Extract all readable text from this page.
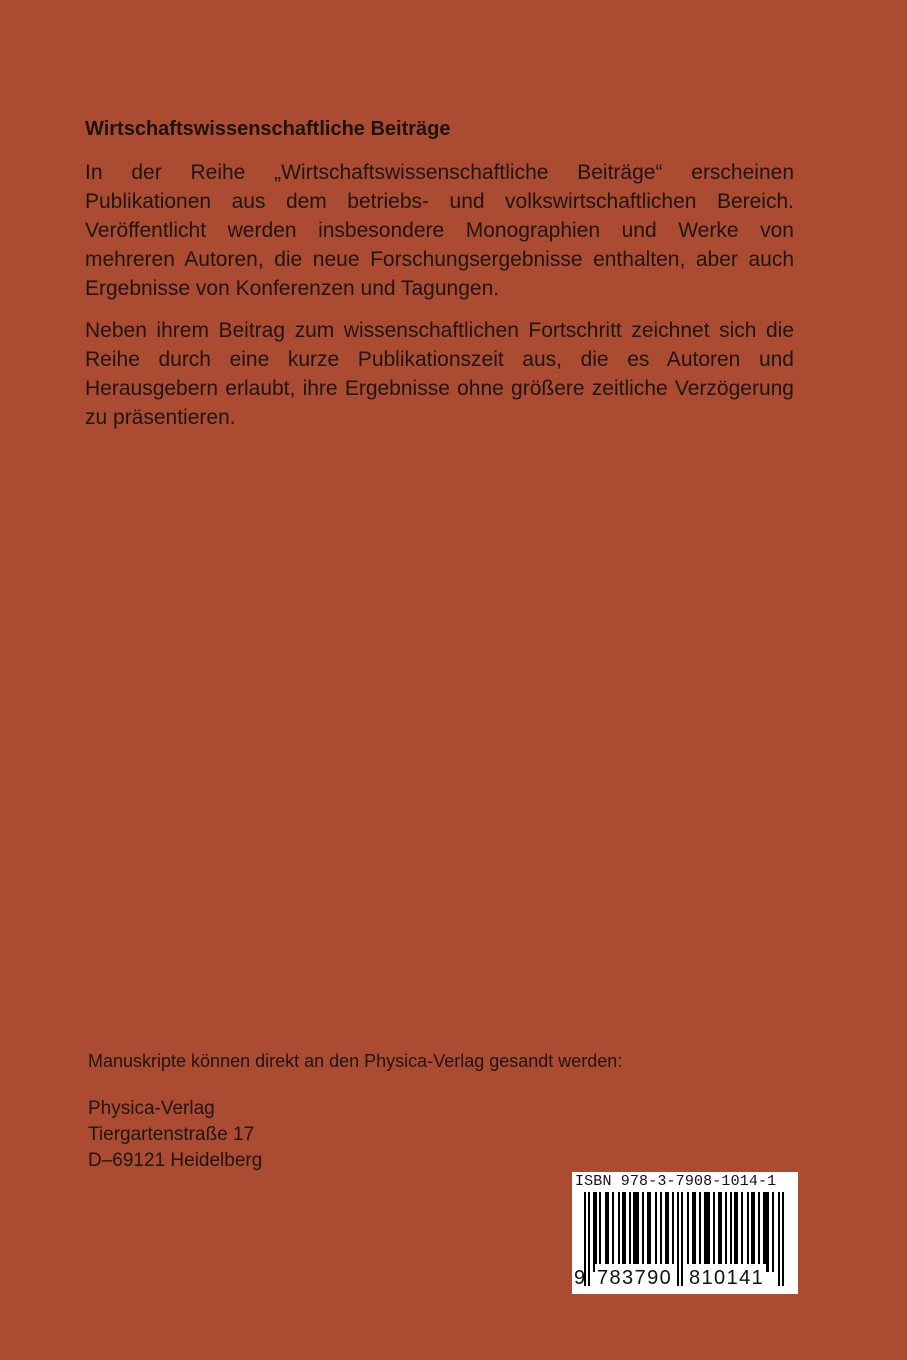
Wirtschaftswissenschaftliche Beiträge

In der Reihe „Wirtschaftswissenschaftliche Beiträge“ erscheinen Publikationen aus dem betriebs- und volkswirtschaftlichen Bereich. Veröffentlicht werden insbesondere Monographien und Werke von mehreren Autoren, die neue Forschungsergebnisse enthalten, aber auch Ergebnisse von Konferenzen und Tagungen.

Neben ihrem Beitrag zum wissenschaftlichen Fortschritt zeichnet sich die Reihe durch eine kurze Publikationszeit aus, die es Autoren und Herausgebern erlaubt, ihre Ergebnisse ohne größere zeitliche Verzögerung zu präsentieren.

Manuskripte können direkt an den Physica-Verlag gesandt werden:

Physica-Verlag
Tiergartenstraße 17
D–69121 Heidelberg
ISBN 978-3-7908-1014-1
9 783790 810141
